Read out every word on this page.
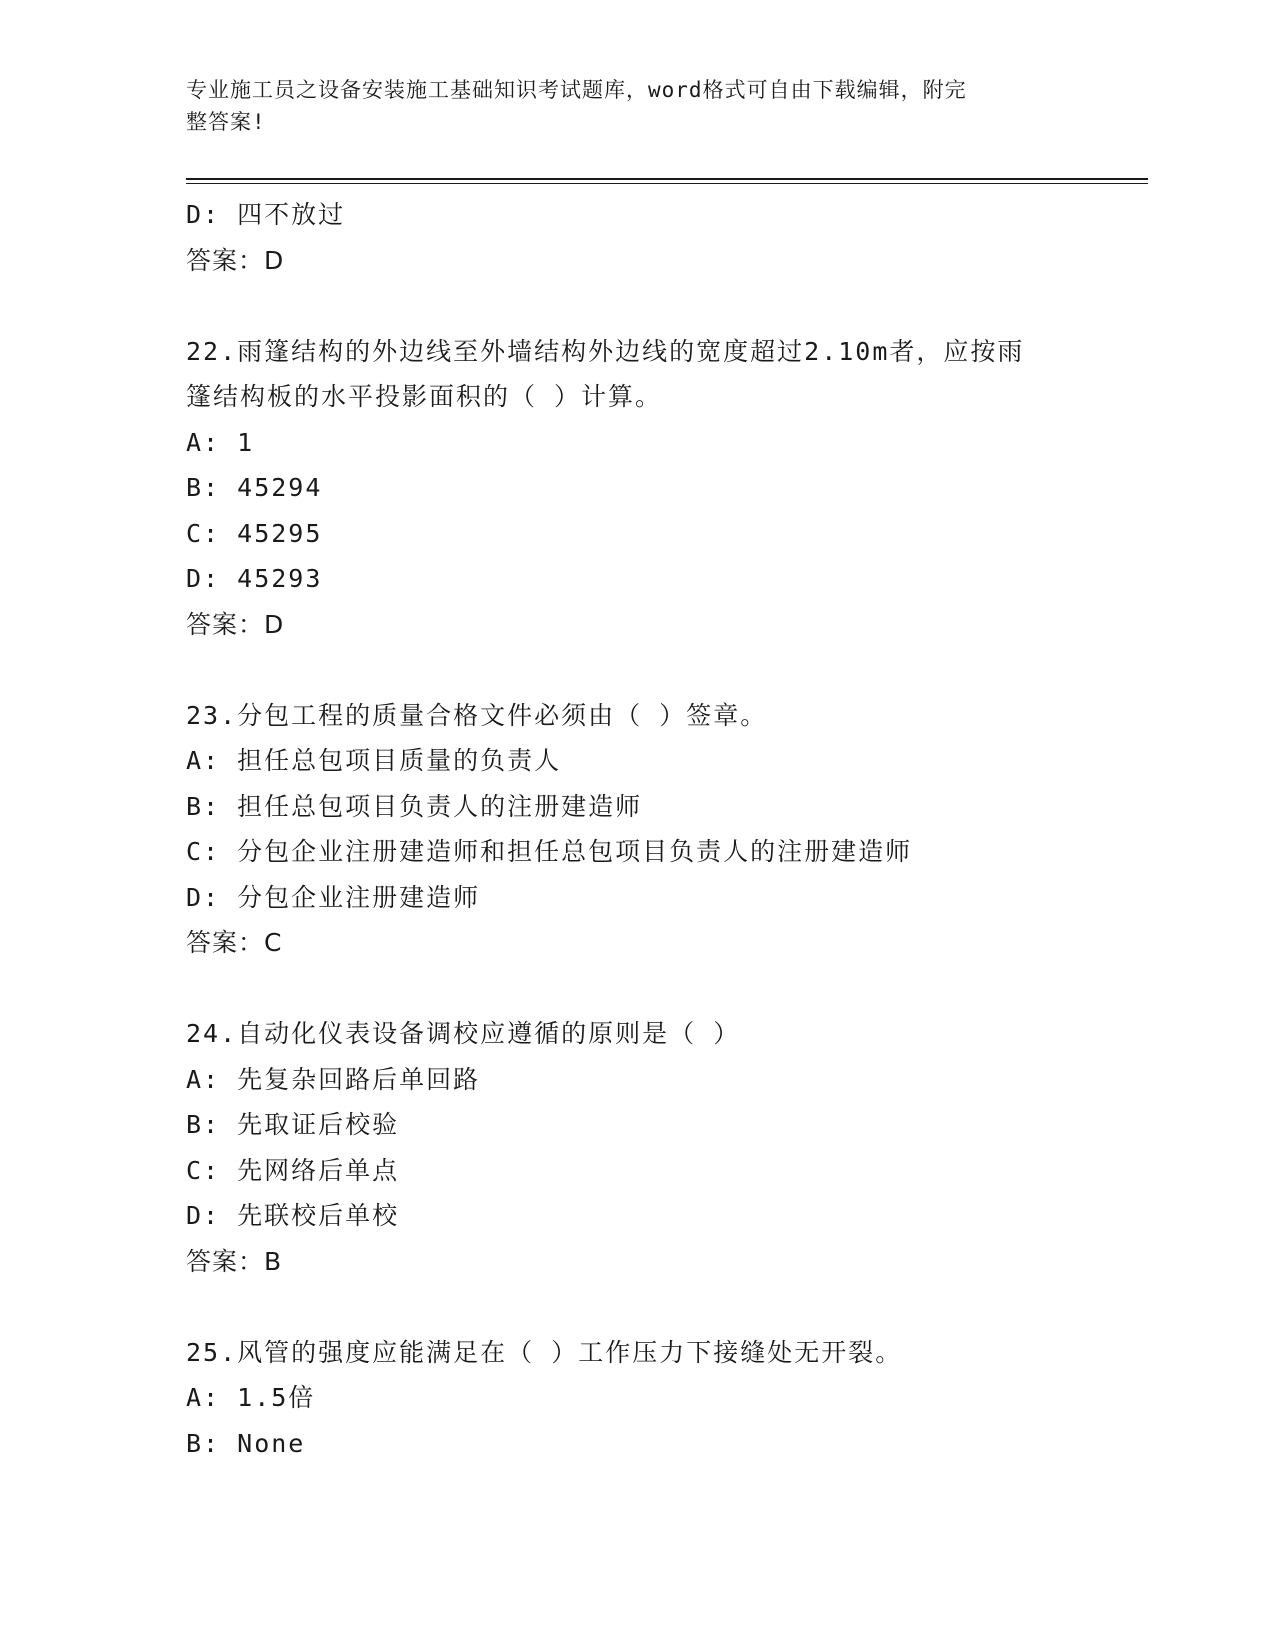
专业施工员之设备安装施工基础知识考试题库，word格式可自由下载编辑，附完
整答案!
D: 四不放过
答案：D
22.雨篷结构的外边线至外墙结构外边线的宽度超过2.10m者，应按雨
篷结构板的水平投影面积的（ ）计算。
A: 1
B: 45294
C: 45295
D: 45293
答案：D
23.分包工程的质量合格文件必须由（ ）签章。
A: 担任总包项目质量的负责人
B: 担任总包项目负责人的注册建造师
C: 分包企业注册建造师和担任总包项目负责人的注册建造师
D: 分包企业注册建造师
答案：C
24.自动化仪表设备调校应遵循的原则是（ ）
A: 先复杂回路后单回路
B: 先取证后校验
C: 先网络后单点
D: 先联校后单校
答案：B
25.风管的强度应能满足在（ ）工作压力下接缝处无开裂。
A: 1.5倍
B: None
